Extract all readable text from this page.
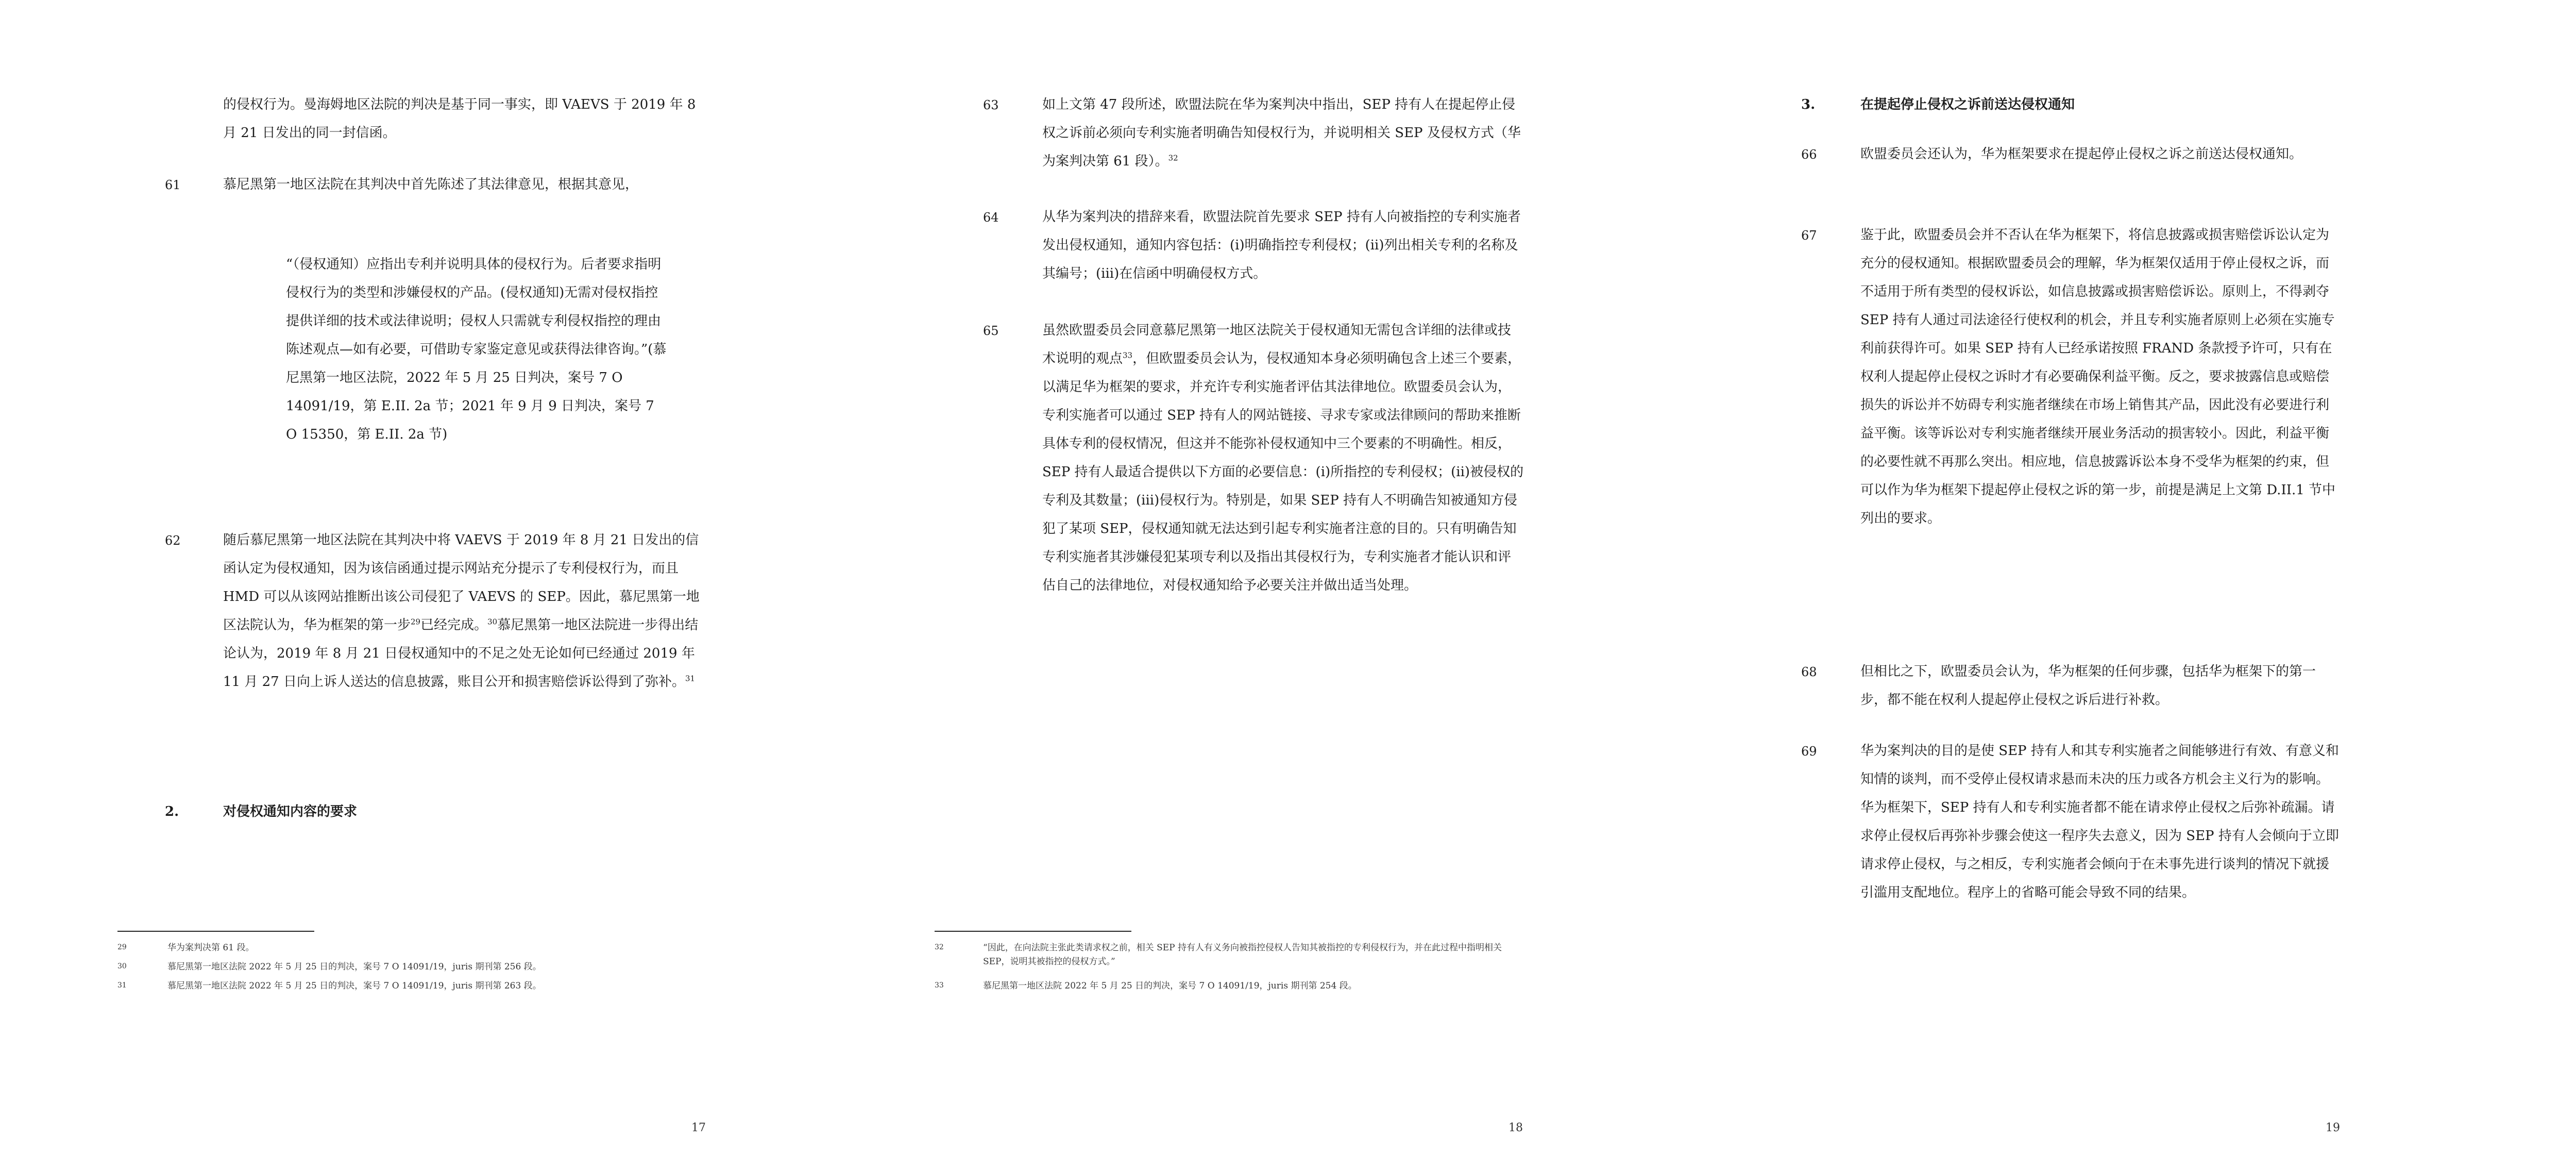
的侵权行为。曼海姆地区法院的判决是基于同一事实，即 VAEVS 于 2019 年 8 月 21 日发出的同一封信函。

61	慕尼黑第一地区法院在其判决中首先陈述了其法律意见，根据其意见，

“（侵权通知）应指出专利并说明具体的侵权行为。后者要求指明侵权行为的类型和涉嫌侵权的产品。(侵权通知)无需对侵权指控提供详细的技术或法律说明；侵权人只需就专利侵权指控的理由陈述观点—如有必要，可借助专家鉴定意见或获得法律咨询。”(慕尼黑第一地区法院，2022 年 5 月 25 日判决，案号 7 O 14091/19，第 E.II. 2a 节；2021 年 9 月 9 日判决，案号 7 O 15350，第 E.II. 2a 节)

62	随后慕尼黑第一地区法院在其判决中将 VAEVS 于 2019 年 8 月 21 日发出的信函认定为侵权通知，因为该信函通过提示网站充分提示了专利侵权行为，而且 HMD 可以从该网站推断出该公司侵犯了 VAEVS 的 SEP。因此，慕尼黑第一地区法院认为，华为框架的第一步$^{29}$已经完成。$^{30}$慕尼黑第一地区法院进一步得出结论认为，2019 年 8 月 21 日侵权通知中的不足之处无论如何已经通过 2019 年 11 月 27 日向上诉人送达的信息披露，账目公开和损害赔偿诉讼得到了弥补。$^{31}$

2.	对侵权通知内容的要求
29	华为案判决第 61 段。

30	慕尼黑第一地区法院 2022 年 5 月 25 日的判决，案号 7 O 14091/19，juris 期刊第 256 段。

31	慕尼黑第一地区法院 2022 年 5 月 25 日的判决，案号 7 O 14091/19，juris 期刊第 263 段。

17
63	如上文第 47 段所述，欧盟法院在华为案判决中指出，SEP 持有人在提起停止侵权之诉前必须向专利实施者明确告知侵权行为，并说明相关 SEP 及侵权方式（华为案判决第 61 段）。$^{32}$

64	从华为案判决的措辞来看，欧盟法院首先要求 SEP 持有人向被指控的专利实施者发出侵权通知，通知内容包括：(i)明确指控专利侵权；(ii)列出相关专利的名称及其编号；(iii)在信函中明确侵权方式。

65	虽然欧盟委员会同意慕尼黑第一地区法院关于侵权通知无需包含详细的法律或技术说明的观点$^{33}$，但欧盟委员会认为，侵权通知本身必须明确包含上述三个要素，以满足华为框架的要求，并充许专利实施者评估其法律地位。欧盟委员会认为，专利实施者可以通过 SEP 持有人的网站链接、寻求专家或法律顾问的帮助来推断具体专利的侵权情况，但这并不能弥补侵权通知中三个要素的不明确性。相反，SEP 持有人最适合提供以下方面的必要信息：(i)所指控的专利侵权；(ii)被侵权的专利及其数量；(iii)侵权行为。特别是，如果 SEP 持有人不明确告知被通知方侵犯了某项 SEP，侵权通知就无法达到引起专利实施者注意的目的。只有明确告知专利实施者其涉嫌侵犯某项专利以及指出其侵权行为，专利实施者才能认识和评估自己的法律地位，对侵权通知给予必要关注并做出适当处理。

32	“因此，在向法院主张此类请求权之前，相关 SEP 持有人有义务向被指控侵权人告知其被指控的专利侵权行为，并在此过程中指明相关 SEP，说明其被指控的侵权方式。”

33	慕尼黑第一地区法院 2022 年 5 月 25 日的判决，案号 7 O 14091/19，juris 期刊第 254 段。

18
3.	在提起停止侵权之诉前送达侵权通知
66	欧盟委员会还认为，华为框架要求在提起停止侵权之诉之前送达侵权通知。

67	鉴于此，欧盟委员会并不否认在华为框架下，将信息披露或损害赔偿诉讼认定为充分的侵权通知。根据欧盟委员会的理解，华为框架仅适用于停止侵权之诉，而不适用于所有类型的侵权诉讼，如信息披露或损害赔偿诉讼。原则上，不得剥夺 SEP 持有人通过司法途径行使权利的机会，并且专利实施者原则上必须在实施专利前获得许可。如果 SEP 持有人已经承诺按照 FRAND 条款授予许可，只有在权利人提起停止侵权之诉时才有必要确保利益平衡。反之，要求披露信息或赔偿损失的诉讼并不妨碍专利实施者继续在市场上销售其产品，因此没有必要进行利益平衡。该等诉讼对专利实施者继续开展业务活动的损害较小。因此，利益平衡的必要性就不再那么突出。相应地，信息披露诉讼本身不受华为框架的约束，但可以作为华为框架下提起停止侵权之诉的第一步，前提是满足上文第 D.II.1 节中列出的要求。

68	但相比之下，欧盟委员会认为，华为框架的任何步骤，包括华为框架下的第一步，都不能在权利人提起停止侵权之诉后进行补救。

69	华为案判决的目的是使 SEP 持有人和其专利实施者之间能够进行有效、有意义和知情的谈判，而不受停止侵权请求悬而未决的压力或各方机会主义行为的影响。华为框架下，SEP 持有人和专利实施者都不能在请求停止侵权之后弥补疏漏。请求停止侵权后再弥补步骤会使这一程序失去意义，因为 SEP 持有人会倾向于立即请求停止侵权，与之相反，专利实施者会倾向于在未事先进行谈判的情况下就援引滥用支配地位。程序上的省略可能会导致不同的结果。

19
